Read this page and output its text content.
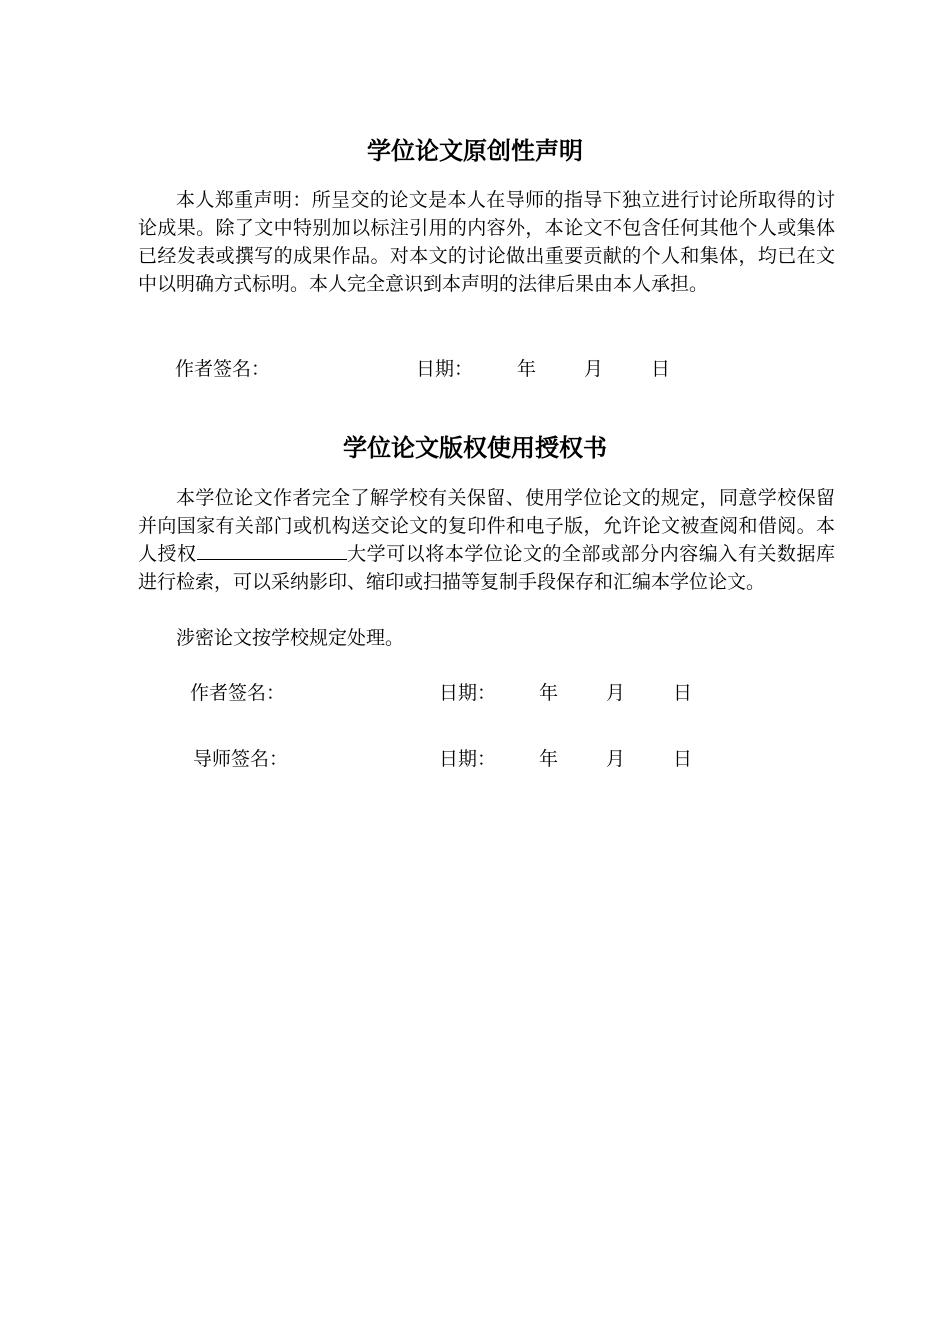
学位论文原创性声明

本人郑重声明：所呈交的论文是本人在导师的指导下独立进行讨论所取得的讨论成果。除了文中特别加以标注引用的内容外，本论文不包含任何其他个人或集体已经发表或撰写的成果作品。对本文的讨论做出重要贡献的个人和集体，均已在文中以明确方式标明。本人完全意识到本声明的法律后果由本人承担。

作者签名：	日期： 年	月	日
学位论文版权使用授权书

本学位论文作者完全了解学校有关保留、使用学位论文的规定，同意学校保留并向国家有关部门或机构送交论文的复印件和电子版，允许论文被查阅和借阅。本人授权	大学可以将本学位论文的全部或部分内容编入有关数据库进行检索，可以采纳影印、缩印或扫描等复制手段保存和汇编本学位论文。

涉密论文按学校规定处理。

作者签名：	日期： 年	月	日
导师签名：	日期： 年	月	日
